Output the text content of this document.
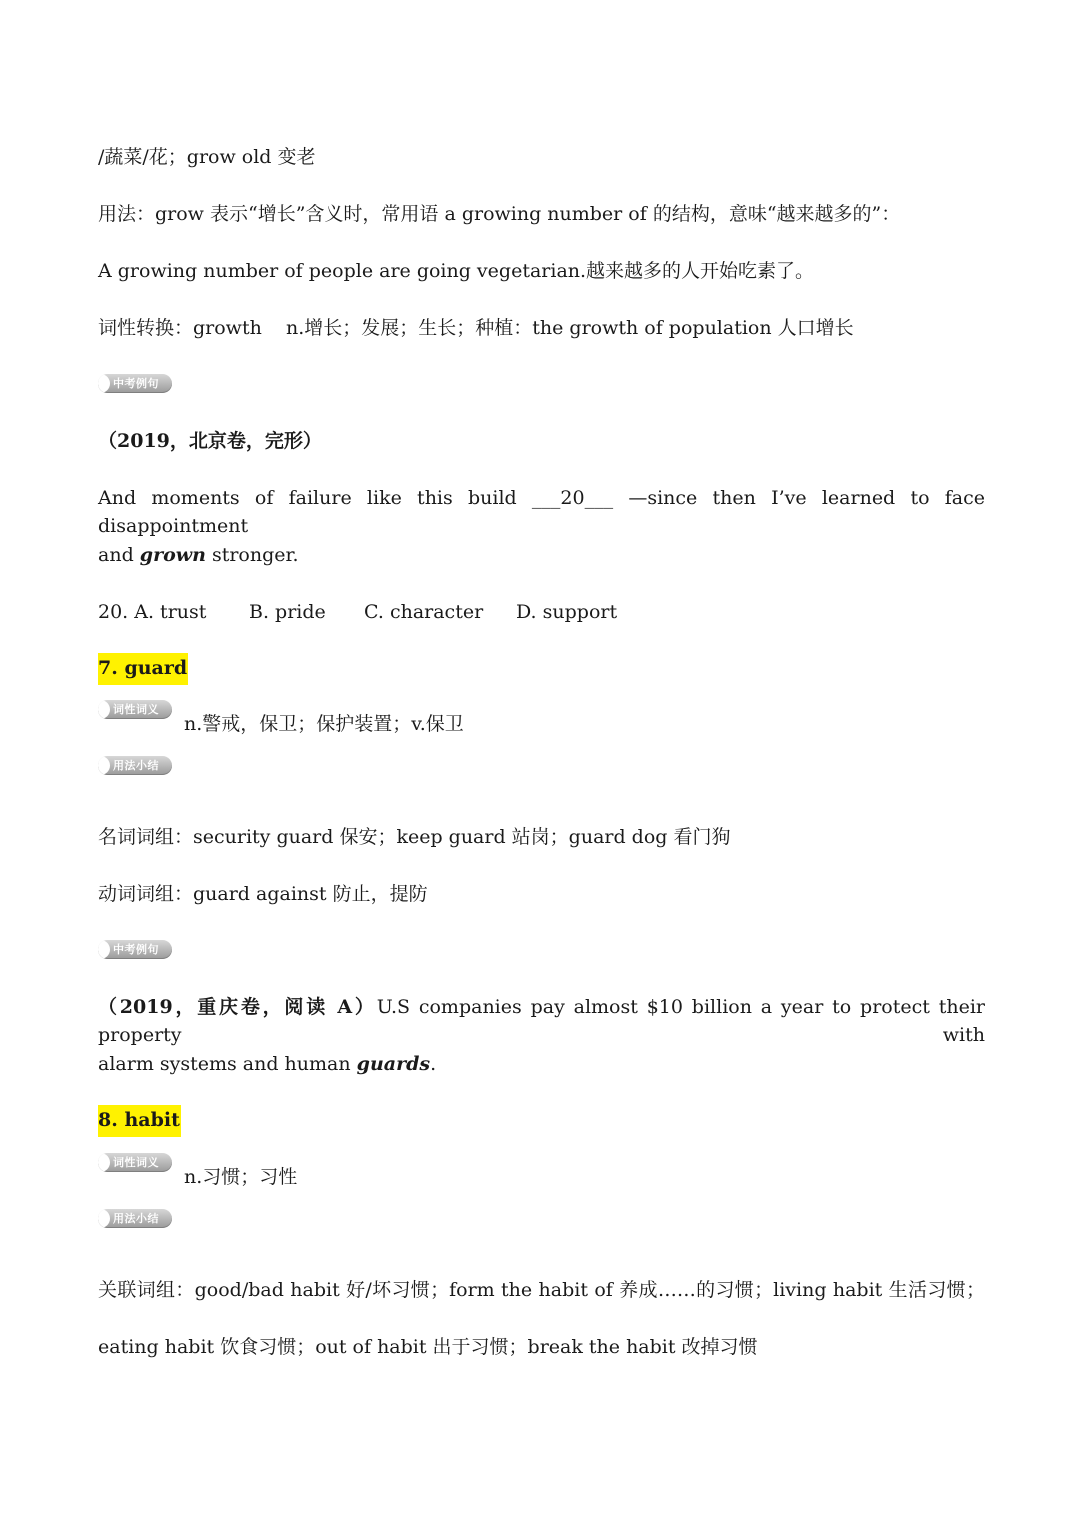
/蔬菜/花；grow old 变老
用法：grow 表示“增长”含义时，常用语 a growing number of 的结构，意味“越来越多的”：
A growing number of people are going vegetarian.越来越多的人开始吃素了。
词性转换：growth n.增长；发展；生长；种植：the growth of population 人口增长
中考例句
（2019，北京卷，完形）
And moments of failure like this build ___20___ —since then I’ve learned to face disappointment
and grown stronger.
20. A. trust B. pride C. character D. support
7. guard
词性词义
n.警戒，保卫；保护装置；v.保卫
用法小结
名词词组：security guard 保安；keep guard 站岗；guard dog 看门狗
动词词组：guard against 防止，提防
中考例句
（2019，重庆卷，阅读 A）U.S companies pay almost $10 billion a year to protect their property with
alarm systems and human guards.
8. habit
词性词义
n.习惯；习性
用法小结
关联词组：good/bad habit 好/坏习惯；form the habit of 养成……的习惯；living habit 生活习惯；
eating habit 饮食习惯；out of habit 出于习惯；break the habit 改掉习惯
